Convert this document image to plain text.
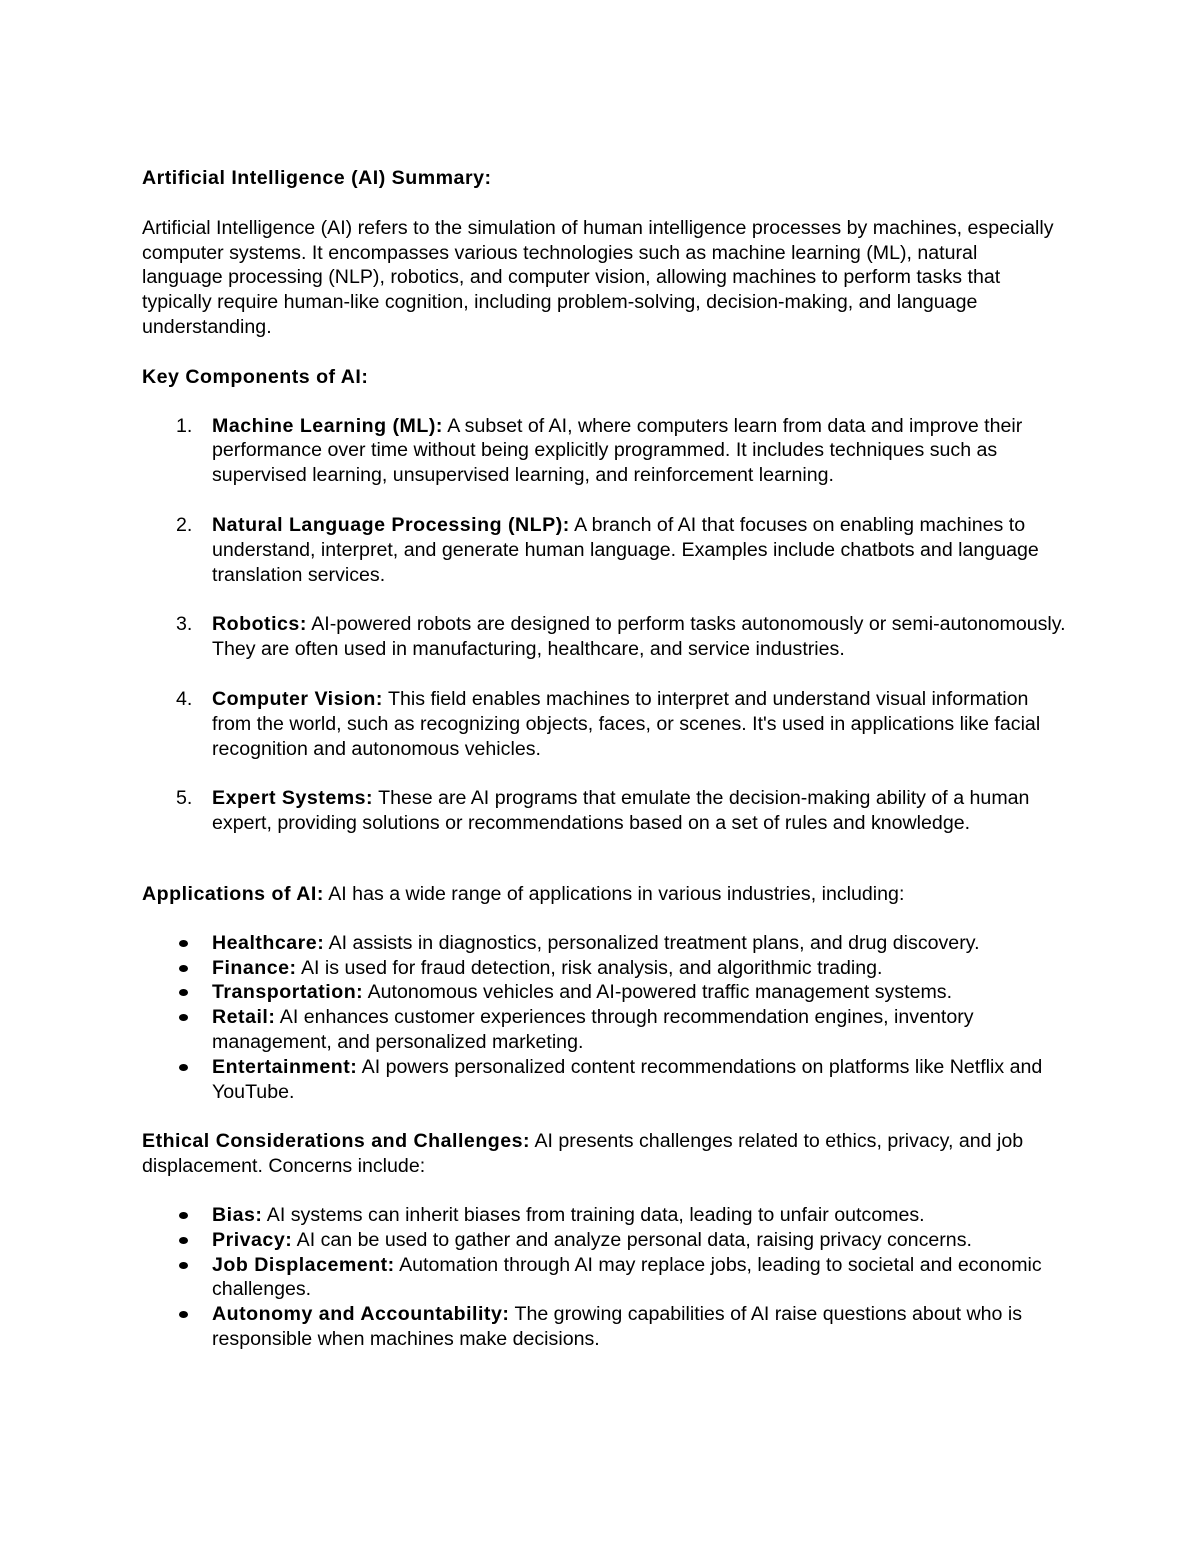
Artificial Intelligence (AI) Summary:

Artificial Intelligence (AI) refers to the simulation of human intelligence processes by machines, especially computer systems. It encompasses various technologies such as machine learning (ML), natural language processing (NLP), robotics, and computer vision, allowing machines to perform tasks that typically require human-like cognition, including problem-solving, decision-making, and language understanding.

Key Components of AI:

1. Machine Learning (ML): A subset of AI, where computers learn from data and improve their performance over time without being explicitly programmed. It includes techniques such as supervised learning, unsupervised learning, and reinforcement learning.
2. Natural Language Processing (NLP): A branch of AI that focuses on enabling machines to understand, interpret, and generate human language. Examples include chatbots and language translation services.
3. Robotics: AI-powered robots are designed to perform tasks autonomously or semi-autonomously. They are often used in manufacturing, healthcare, and service industries.
4. Computer Vision: This field enables machines to interpret and understand visual information from the world, such as recognizing objects, faces, or scenes. It's used in applications like facial recognition and autonomous vehicles.
5. Expert Systems: These are AI programs that emulate the decision-making ability of a human expert, providing solutions or recommendations based on a set of rules and knowledge.

Applications of AI: AI has a wide range of applications in various industries, including:

Healthcare: AI assists in diagnostics, personalized treatment plans, and drug discovery.
Finance: AI is used for fraud detection, risk analysis, and algorithmic trading.
Transportation: Autonomous vehicles and AI-powered traffic management systems.
Retail: AI enhances customer experiences through recommendation engines, inventory management, and personalized marketing.
Entertainment: AI powers personalized content recommendations on platforms like Netflix and YouTube.

Ethical Considerations and Challenges: AI presents challenges related to ethics, privacy, and job displacement. Concerns include:

Bias: AI systems can inherit biases from training data, leading to unfair outcomes.
Privacy: AI can be used to gather and analyze personal data, raising privacy concerns.
Job Displacement: Automation through AI may replace jobs, leading to societal and economic challenges.
Autonomy and Accountability: The growing capabilities of AI raise questions about who is responsible when machines make decisions.
